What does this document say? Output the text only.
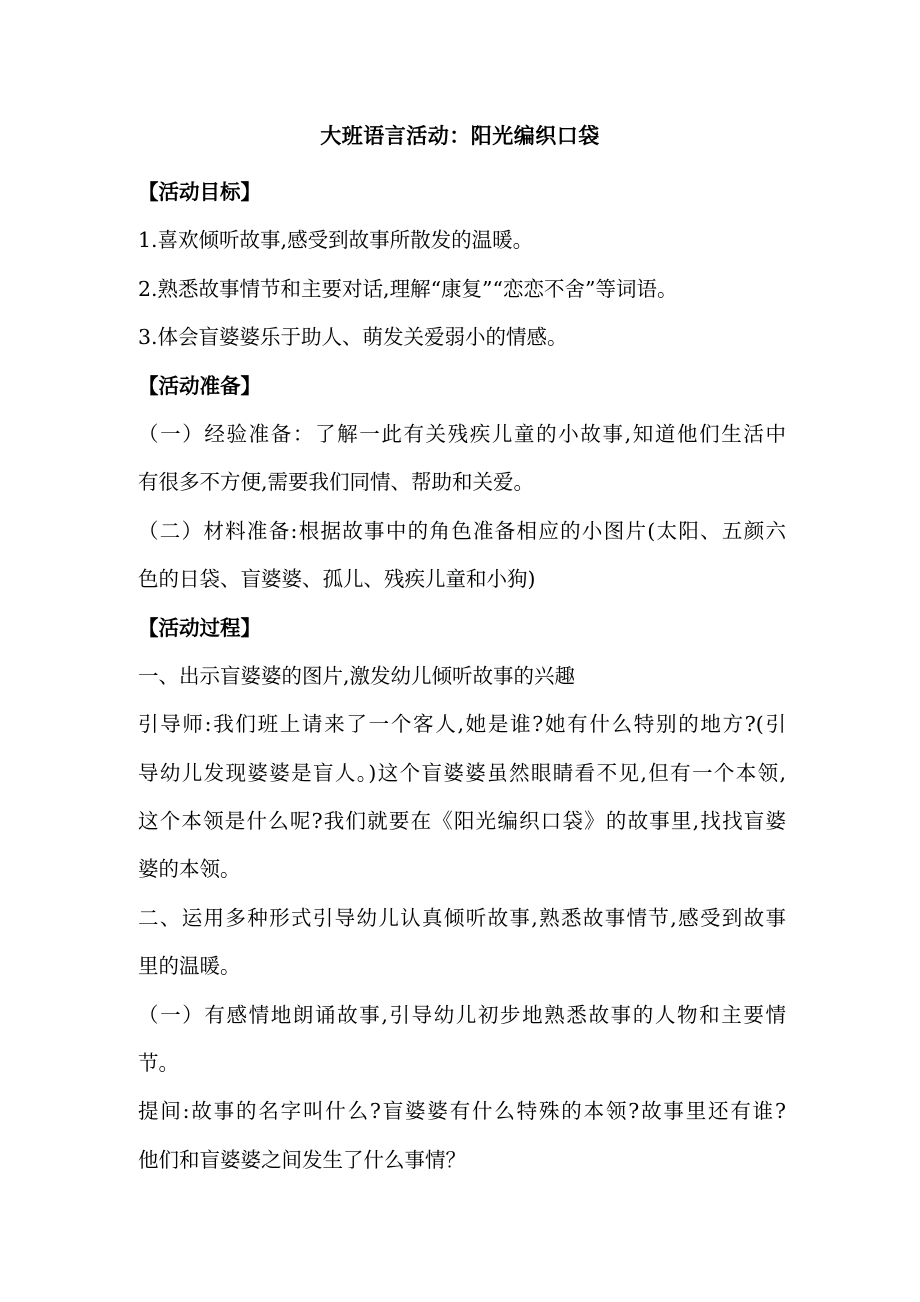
大班语言活动：阳光编织口袋
【活动目标】
1.喜欢倾听故事,感受到故事所散发的温暖。
2.熟悉故事情节和主要对话,理解“康复”“恋恋不舍”等词语。
3.体会盲婆婆乐于助人、萌发关爱弱小的情感。
【活动准备】
（一）经验准备：了解一此有关残疾儿童的小故事,知道他们生活中
有很多不方便,需要我们同情、帮助和关爱。
（二）材料准备:根据故事中的角色准备相应的小图片(太阳、五颜六
色的日袋、盲婆婆、孤儿、残疾儿童和小狗)
【活动过程】
一、出示盲婆婆的图片,激发幼儿倾听故事的兴趣
引导师:我们班上请来了一个客人,她是谁?她有什么特别的地方?(引
导幼儿发现婆婆是盲人。)这个盲婆婆虽然眼睛看不见,但有一个本领,
这个本领是什么呢?我们就要在《阳光编织口袋》的故事里,找找盲婆
婆的本领。
二、运用多种形式引导幼儿认真倾听故事,熟悉故事情节,感受到故事
里的温暖。
（一）有感情地朗诵故事,引导幼儿初步地熟悉故事的人物和主要情
节。
提间:故事的名字叫什么?盲婆婆有什么特殊的本领?故事里还有谁?
他们和盲婆婆之间发生了什么事情？
